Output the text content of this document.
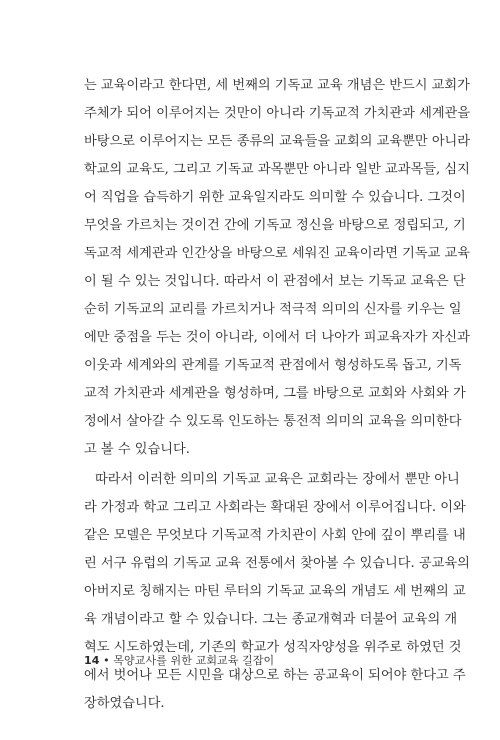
는 교육이라고 한다면, 세 번째의 기독교 교육 개념은 반드시 교회가
주체가 되어 이루어지는 것만이 아니라 기독교적 가치관과 세계관을
바탕으로 이루어지는 모든 종류의 교육들을 교회의 교육뿐만 아니라
학교의 교육도, 그리고 기독교 과목뿐만 아니라 일반 교과목들, 심지
어 직업을 습득하기 위한 교육일지라도 의미할 수 있습니다. 그것이
무엇을 가르치는 것이건 간에 기독교 정신을 바탕으로 정립되고, 기
독교적 세계관과 인간상을 바탕으로 세워진 교육이라면 기독교 교육
이 될 수 있는 것입니다. 따라서 이 관점에서 보는 기독교 교육은 단
순히 기독교의 교리를 가르치거나 적극적 의미의 신자를 키우는 일
에만 중점을 두는 것이 아니라, 이에서 더 나아가 피교육자가 자신과
이웃과 세계와의 관계를 기독교적 관점에서 형성하도록 돕고, 기독
교적 가치관과 세계관을 형성하며, 그를 바탕으로 교회와 사회와 가
정에서 살아갈 수 있도록 인도하는 통전적 의미의 교육을 의미한다
고 볼 수 있습니다.

따라서 이러한 의미의 기독교 교육은 교회라는 장에서 뿐만 아니
라 가정과 학교 그리고 사회라는 확대된 장에서 이루어집니다. 이와
같은 모델은 무엇보다 기독교적 가치관이 사회 안에 깊이 뿌리를 내
린 서구 유럽의 기독교 교육 전통에서 찾아볼 수 있습니다. 공교육의
아버지로 칭해지는 마틴 루터의 기독교 교육의 개념도 세 번째의 교
육 개념이라고 할 수 있습니다. 그는 종교개혁과 더불어 교육의 개
혁도 시도하였는데, 기존의 학교가 성직자양성을 위주로 하였던 것
에서 벗어나 모든 시민을 대상으로 하는 공교육이 되어야 한다고 주
장하였습니다.

14 • 목양교사를 위한 교회교육 길잡이
